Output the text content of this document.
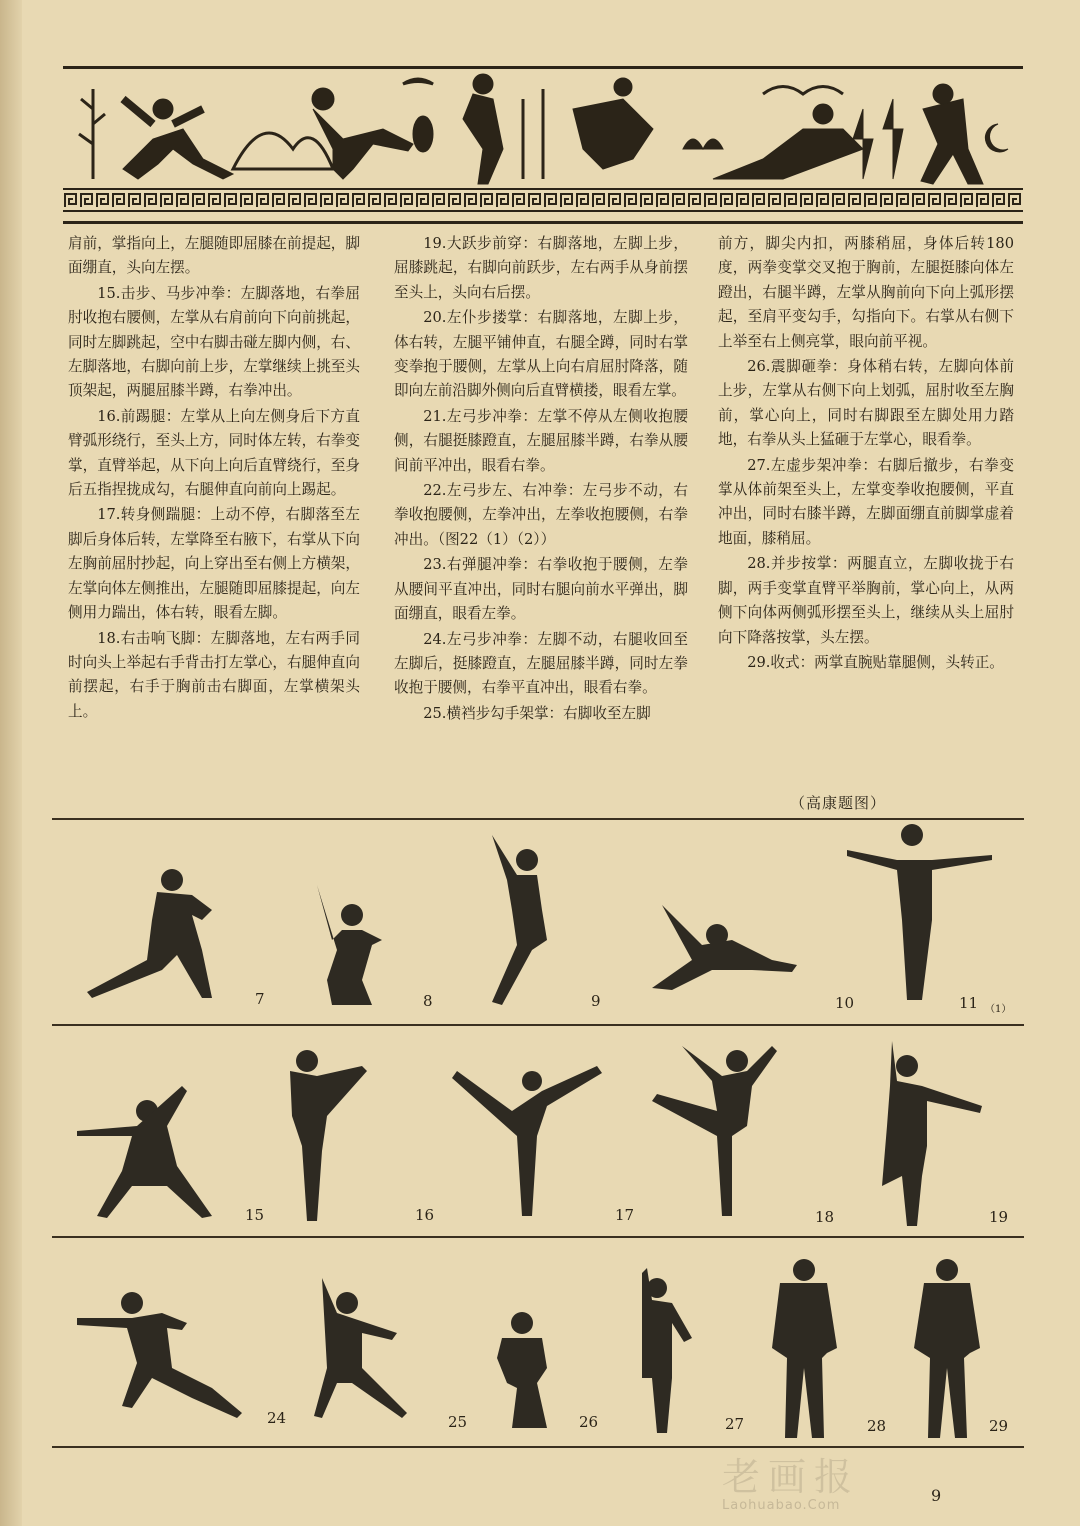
肩前，掌指向上，左腿随即屈膝在前提起，脚面绷直，头向左摆。

15.击步、马步冲拳：左脚落地，右拳屈肘收抱右腰侧，左掌从右肩前向下向前挑起，同时左脚跳起，空中右脚击碰左脚内侧，右、左脚落地，右脚向前上步，左掌继续上挑至头顶架起，两腿屈膝半蹲，右拳冲出。

16.前踢腿：左掌从上向左侧身后下方直臂弧形绕行，至头上方，同时体左转，右拳变掌，直臂举起，从下向上向后直臂绕行，至身后五指捏拢成勾，右腿伸直向前向上踢起。

17.转身侧踹腿：上动不停，右脚落至左脚后身体后转，左掌降至右腋下，右掌从下向左胸前屈肘抄起，向上穿出至右侧上方横架，左掌向体左侧推出，左腿随即屈膝提起，向左侧用力踹出，体右转，眼看左脚。

18.右击响飞脚：左脚落地，左右两手同时向头上举起右手背击打左掌心，右腿伸直向前摆起，右手于胸前击右脚面，左掌横架头上。

19.大跃步前穿：右脚落地，左脚上步，屈膝跳起，右脚向前跃步，左右两手从身前摆至头上，头向右后摆。

20.左仆步搂掌：右脚落地，左脚上步，体右转，左腿平铺伸直，右腿全蹲，同时右掌变拳抱于腰侧，左掌从上向右肩屈肘降落，随即向左前沿脚外侧向后直臂横搂，眼看左掌。

21.左弓步冲拳：左掌不停从左侧收抱腰侧，右腿挺膝蹬直，左腿屈膝半蹲，右拳从腰间前平冲出，眼看右拳。

22.左弓步左、右冲拳：左弓步不动，右拳收抱腰侧，左拳冲出，左拳收抱腰侧，右拳冲出。（图22（1）（2））

23.右弹腿冲拳：右拳收抱于腰侧，左拳从腰间平直冲出，同时右腿向前水平弹出，脚面绷直，眼看左拳。

24.左弓步冲拳：左脚不动，右腿收回至左脚后，挺膝蹬直，左腿屈膝半蹲，同时左拳收抱于腰侧，右拳平直冲出，眼看右拳。

25.横裆步勾手架掌：右脚收至左脚

前方，脚尖内扣，两膝稍屈，身体后转180度，两拳变掌交叉抱于胸前，左腿挺膝向体左蹬出，右腿半蹲，左掌从胸前向下向上弧形摆起，至肩平变勾手，勾指向下。右掌从右侧下上举至右上侧亮掌，眼向前平视。

26.震脚砸拳：身体稍右转，左脚向体前上步，左掌从右侧下向上划弧，屈肘收至左胸前，掌心向上，同时右脚跟至左脚处用力踏地，右拳从头上猛砸于左掌心，眼看拳。

27.左虚步架冲拳：右脚后撤步，右拳变掌从体前架至头上，左掌变拳收抱腰侧，平直冲出，同时右膝半蹲，左脚面绷直前脚掌虚着地面，膝稍屈。

28.并步按掌：两腿直立，左脚收拢于右脚，两手变掌直臂平举胸前，掌心向上，从两侧下向体两侧弧形摆至头上，继续从头上屈肘向下降落按掌，头左摆。

29.收式：两掌直腕贴靠腿侧，头转正。

（高康题图）
7	8	9	10	11 （1）
15	16	17	18	19
24	25	26	27	28	29
老画报
Laohuabao.Com
9
